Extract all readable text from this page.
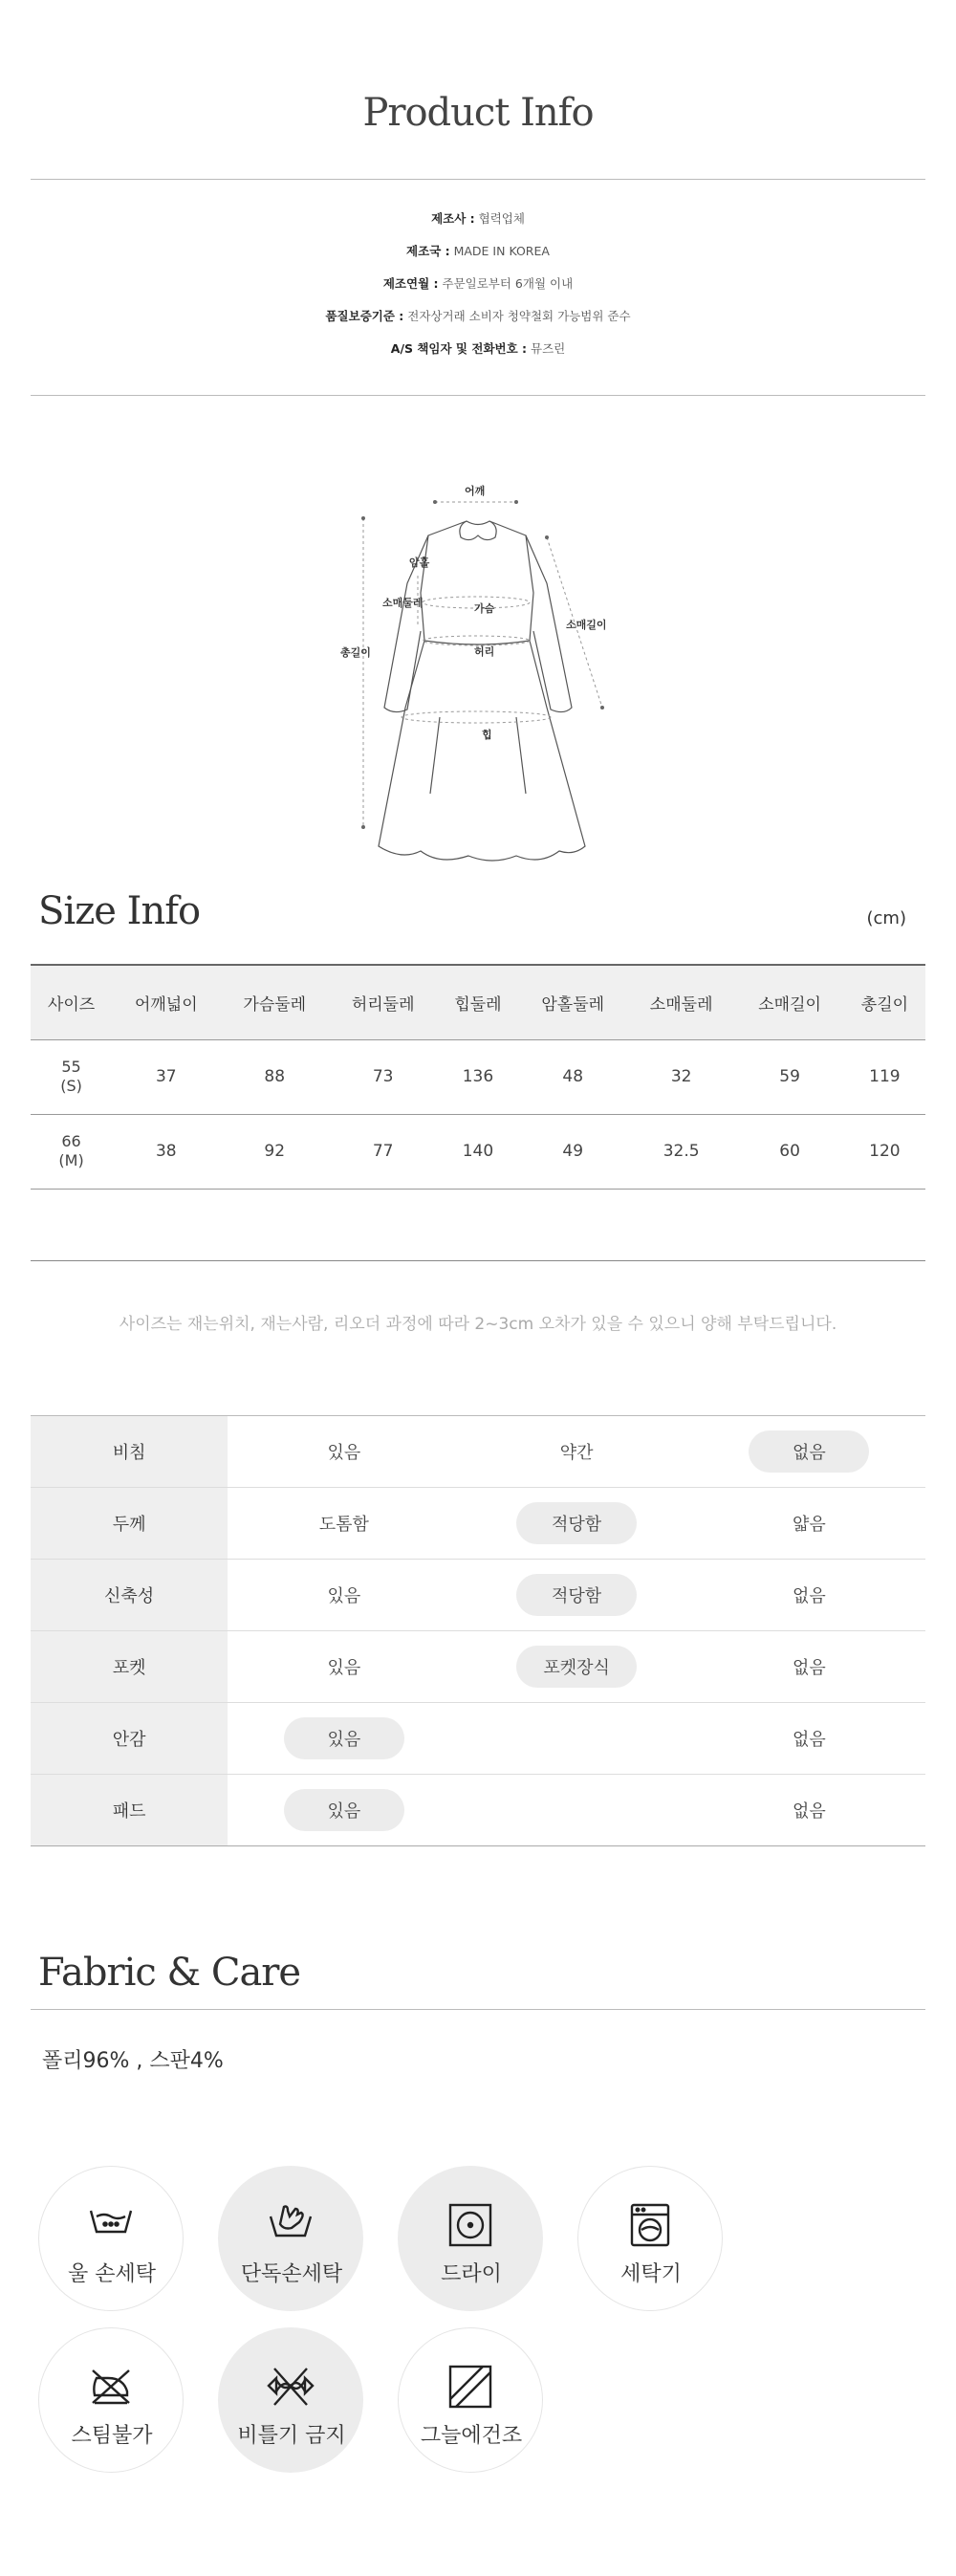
Product Info
제조사 : 협력업체
제조국 : MADE IN KOREA
제조연월 : 주문일로부터 6개월 이내
품질보증기준 : 전자상거래 소비자 청약철회 가능범위 준수
A/S 책임자 및 전화번호 : 뮤즈린
어깨
암홀
소매둘레	가슴
허리
소매길이
총길이
힙
Size Info	(cm)
사이즈	어깨넓이	가슴둘레	허리둘레	힙둘레	암홀둘레	소매둘레	소매길이	총길이

55
(S)	37	88	73	136	48	32	59	119

66
(M)	38	92	77	140	49	32.5	60	120
사이즈는 재는위치, 재는사람, 리오더 과정에 따라 2~3cm 오차가 있을 수 있으니 양해 부탁드립니다.
비침	있음	약간	없음
두께	도톰함	적당함	얇음
신축성	있음	적당함	없음
포켓	있음	포켓장식	없음
안감	있음		없음
패드	있음		없음
Fabric & Care
폴리96% , 스판4%
울 손세탁	단독손세탁	드라이	세탁기
스팀불가	비틀기 금지	그늘에건조
